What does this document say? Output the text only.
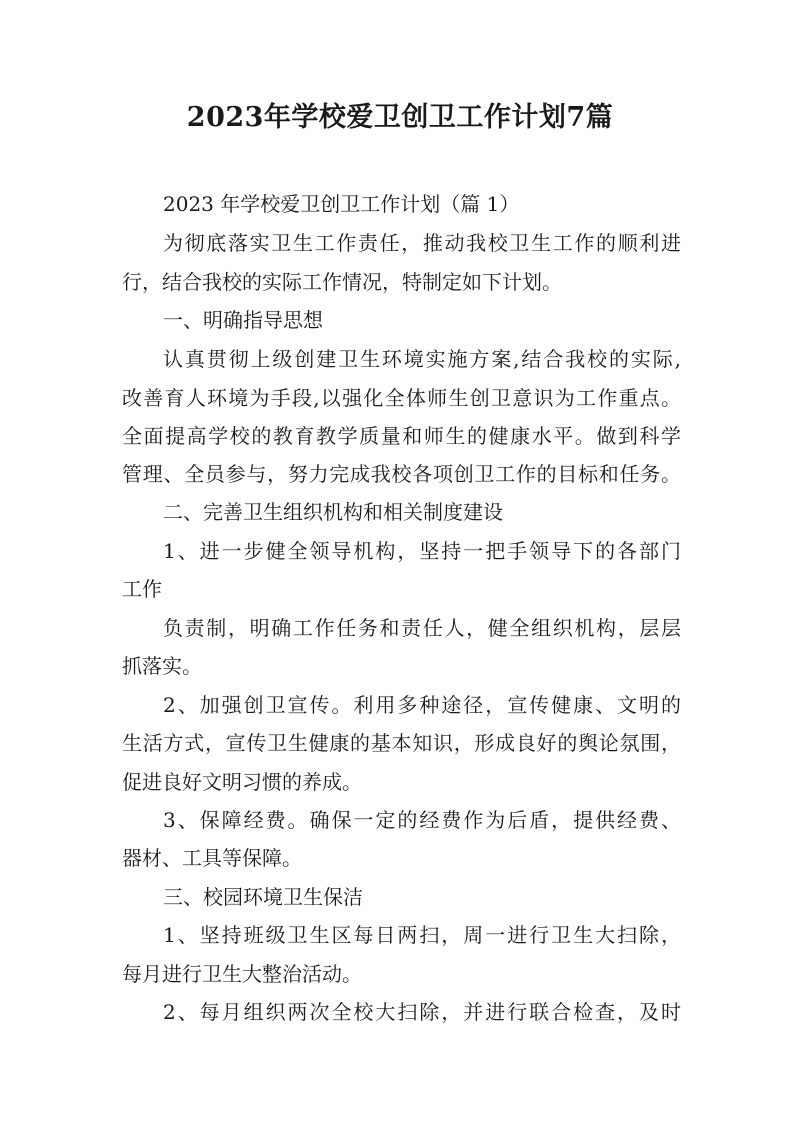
2023年学校爱卫创卫工作计划7篇
2023 年学校爱卫创卫工作计划（篇 1）
为彻底落实卫生工作责任，推动我校卫生工作的顺利进
行，结合我校的实际工作情况，特制定如下计划。
一、明确指导思想
认真贯彻上级创建卫生环境实施方案,结合我校的实际,
改善育人环境为手段,以强化全体师生创卫意识为工作重点。
全面提高学校的教育教学质量和师生的健康水平。做到科学
管理、全员参与，努力完成我校各项创卫工作的目标和任务。
二、完善卫生组织机构和相关制度建设
1、进一步健全领导机构，坚持一把手领导下的各部门
工作
负责制，明确工作任务和责任人，健全组织机构，层层
抓落实。
2、加强创卫宣传。利用多种途径，宣传健康、文明的
生活方式，宣传卫生健康的基本知识，形成良好的舆论氛围，
促进良好文明习惯的养成。
3、保障经费。确保一定的经费作为后盾，提供经费、
器材、工具等保障。
三、校园环境卫生保洁
1、坚持班级卫生区每日两扫，周一进行卫生大扫除，
每月进行卫生大整治活动。
2、每月组织两次全校大扫除，并进行联合检查，及时
